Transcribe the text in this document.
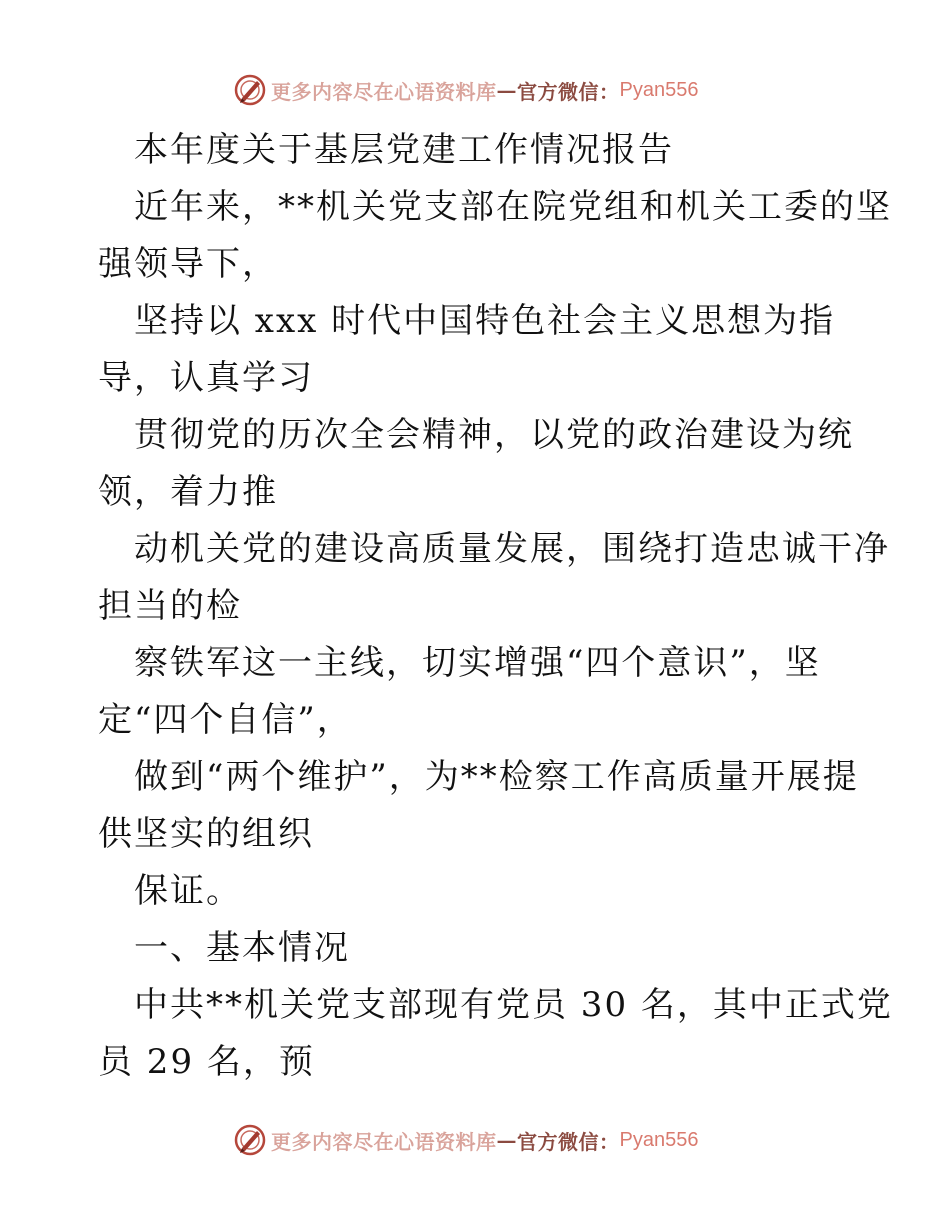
更多内容尽在心语资料库 — 官方微信： Pyan556
本年度关于基层党建工作情况报告
近年来，**机关党支部在院党组和机关工委的坚
强领导下，
坚持以 xxx 时代中国特色社会主义思想为指
导，认真学习
贯彻党的历次全会精神，以党的政治建设为统
领，着力推
动机关党的建设高质量发展，围绕打造忠诚干净
担当的检
察铁军这一主线，切实增强“四个意识”，坚
定“四个自信”，
做到“两个维护”，为**检察工作高质量开展提
供坚实的组织
保证。
一、基本情况
中共**机关党支部现有党员 30 名，其中正式党
员 29 名，预
更多内容尽在心语资料库 — 官方微信： Pyan556
